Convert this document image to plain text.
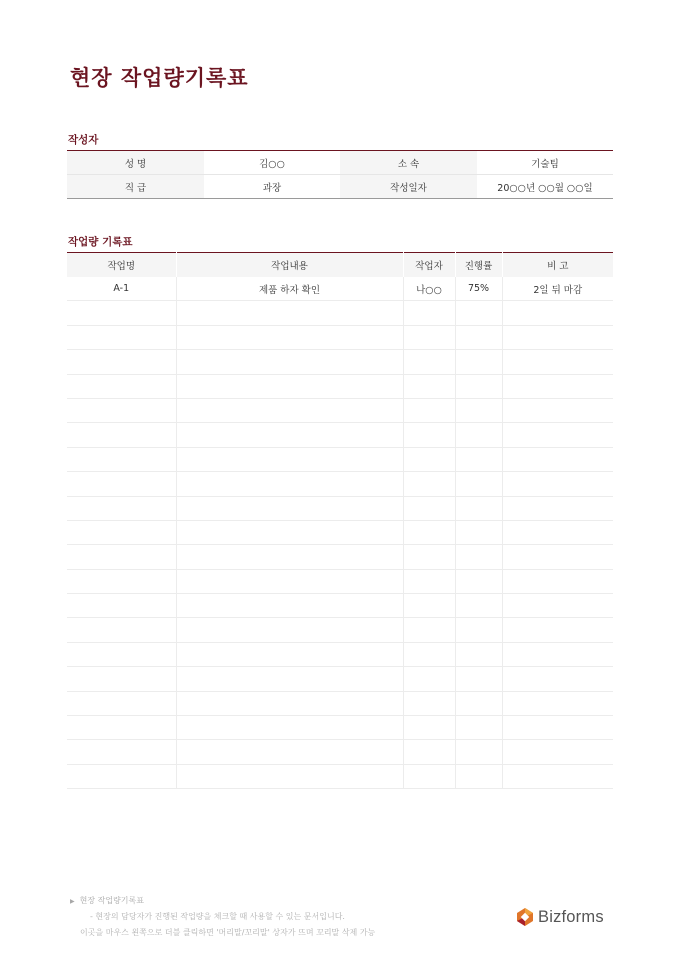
현장 작업량기록표
작성자
성 명	김○○	소 속	기술팀
직 급	과장	작성일자	20○○년 ○○월 ○○일
작업량 기록표
작업명	작업내용	작업자	진행률	비 고
A-1	제품 하자 확인	나○○	75%	2일 뒤 마감

▶ 현장 작업량기록표
- 현장의 담당자가 진행된 작업량을 체크할 때 사용할 수 있는 문서입니다.
이곳을 마우스 왼쪽으로 더블 클릭하면 '머리말/꼬리말' 상자가 뜨며 꼬리말 삭제 가능
Bizforms
